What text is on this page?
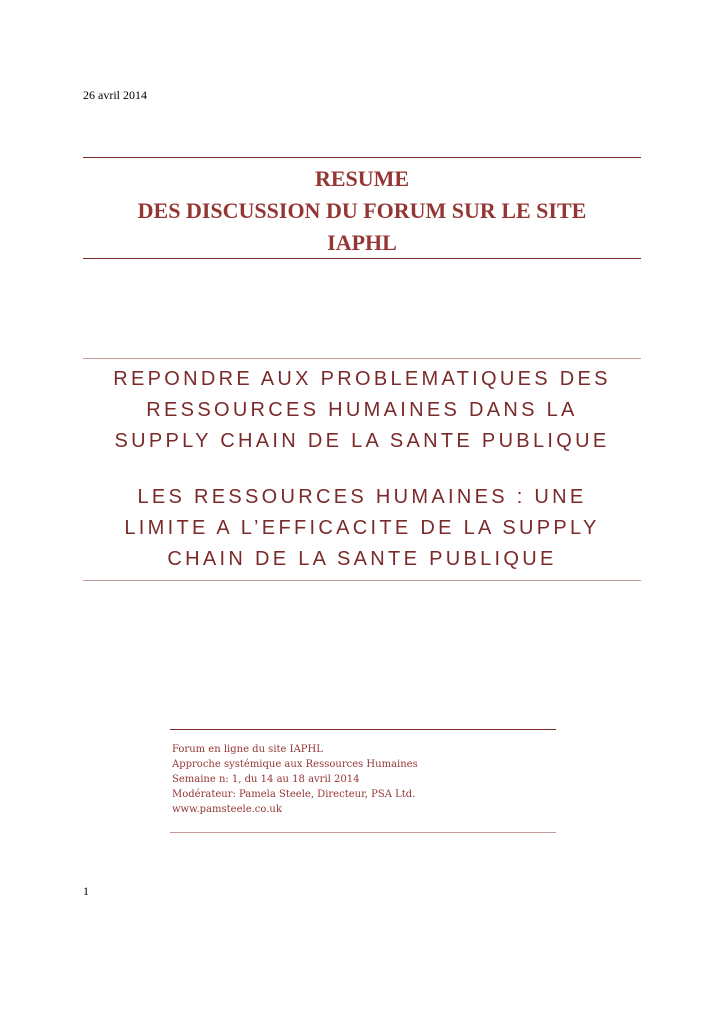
26 avril 2014
RESUME
DES DISCUSSION DU FORUM SUR LE SITE
IAPHL
REPONDRE AUX PROBLEMATIQUES DES
RESSOURCES HUMAINES DANS LA
SUPPLY CHAIN DE LA SANTE PUBLIQUE
LES RESSOURCES HUMAINES : UNE
LIMITE A L’EFFICACITE DE LA SUPPLY
CHAIN DE LA SANTE PUBLIQUE
Forum en ligne du site IAPHL
Approche systémique aux Ressources Humaines
Semaine n: 1, du 14 au 18 avril 2014
Modérateur: Pamela Steele, Directeur, PSA Ltd.
www.pamsteele.co.uk
1
